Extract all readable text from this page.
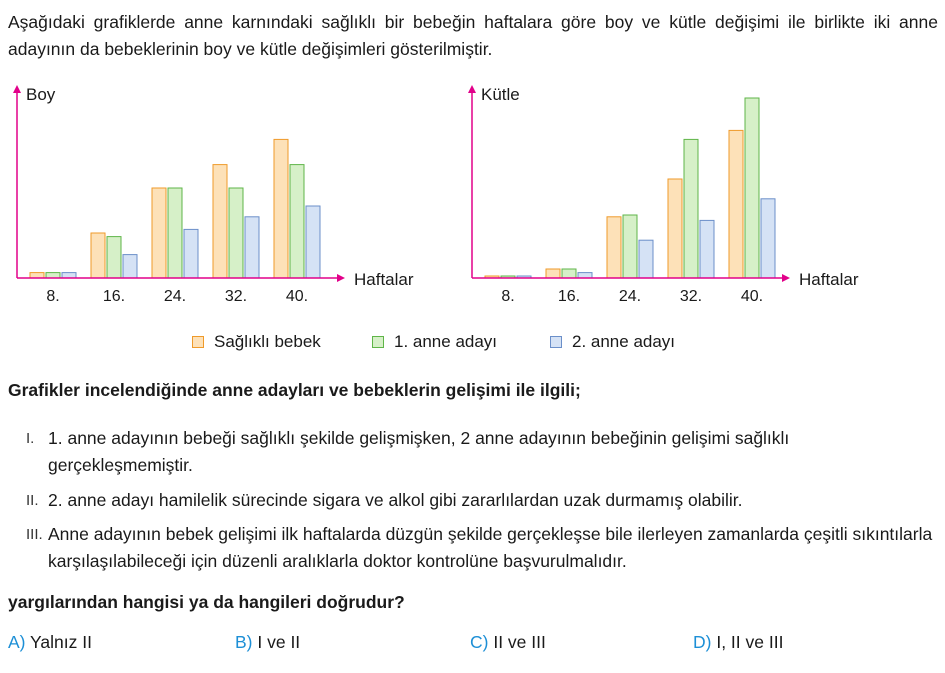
Aşağıdaki grafiklerde anne karnındaki sağlıklı bir bebeğin haftalara göre boy ve kütle değişimi ile birlikte iki anne adayının da bebeklerinin boy ve kütle değişimleri gösterilmiştir.
Boy
Haftalar
8.	16. 24. 32. 40.
Kütle
Haftalar
8.	16. 24. 32. 40.
Sağlıklı bebek	1. anne adayı	2. anne adayı
Grafikler incelendiğinde anne adayları ve bebeklerin gelişimi ile ilgili;
I. 1. anne adayının bebeği sağlıklı şekilde gelişmişken, 2 anne adayının bebeğinin gelişimi sağlıklı gerçekleşmemiştir.
II. 2. anne adayı hamilelik sürecinde sigara ve alkol gibi zararlılardan uzak durmamış olabilir.
III. Anne adayının bebek gelişimi ilk haftalarda düzgün şekilde gerçekleşse bile ilerleyen zamanlarda çeşitli sıkıntılarla karşılaşılabileceği için düzenli aralıklarla doktor kontrolüne başvurulmalıdır.
yargılarından hangisi ya da hangileri doğrudur?
A) Yalnız II	B) I ve II	C) II ve III	D) I, II ve III
